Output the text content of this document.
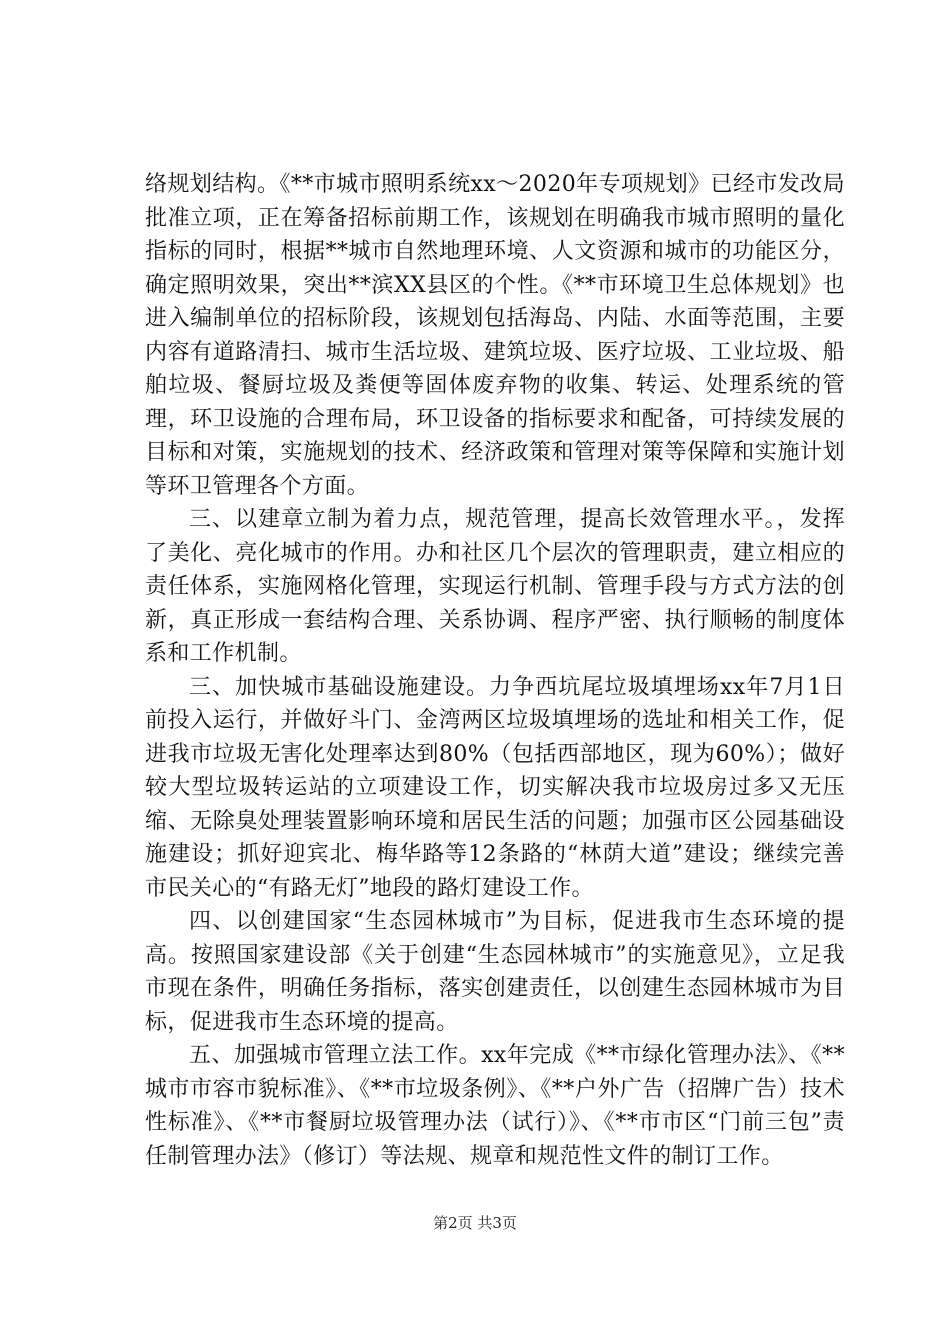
络规划结构。《**市城市照明系统xx～2020年专项规划》已经市发改局批准立项，正在筹备招标前期工作，该规划在明确我市城市照明的量化指标的同时，根据**城市自然地理环境、人文资源和城市的功能区分，确定照明效果，突出**滨XX县区的个性。《**市环境卫生总体规划》也进入编制单位的招标阶段，该规划包括海岛、内陆、水面等范围，主要内容有道路清扫、城市生活垃圾、建筑垃圾、医疗垃圾、工业垃圾、船舶垃圾、餐厨垃圾及粪便等固体废弃物的收集、转运、处理系统的管理，环卫设施的合理布局，环卫设备的指标要求和配备，可持续发展的目标和对策，实施规划的技术、经济政策和管理对策等保障和实施计划等环卫管理各个方面。

三、以建章立制为着力点，规范管理，提高长效管理水平。，发挥了美化、亮化城市的作用。办和社区几个层次的管理职责，建立相应的责任体系，实施网格化管理，实现运行机制、管理手段与方式方法的创新，真正形成一套结构合理、关系协调、程序严密、执行顺畅的制度体系和工作机制。

三、加快城市基础设施建设。力争西坑尾垃圾填埋场xx年7月1日前投入运行，并做好斗门、金湾两区垃圾填埋场的选址和相关工作，促进我市垃圾无害化处理率达到80%（包括西部地区，现为60%）；做好较大型垃圾转运站的立项建设工作，切实解决我市垃圾房过多又无压缩、无除臭处理装置影响环境和居民生活的问题；加强市区公园基础设施建设；抓好迎宾北、梅华路等12条路的“林荫大道”建设；继续完善市民关心的“有路无灯”地段的路灯建设工作。

四、以创建国家“生态园林城市”为目标，促进我市生态环境的提高。按照国家建设部《关于创建“生态园林城市”的实施意见》，立足我市现在条件，明确任务指标，落实创建责任，以创建生态园林城市为目标，促进我市生态环境的提高。

五、加强城市管理立法工作。xx年完成《**市绿化管理办法》、《**城市市容市貌标准》、《**市垃圾条例》、《**户外广告（招牌广告）技术性标准》、《**市餐厨垃圾管理办法（试行）》、《**市市区“门前三包”责任制管理办法》（修订）等法规、规章和规范性文件的制订工作。

第2页 共3页
